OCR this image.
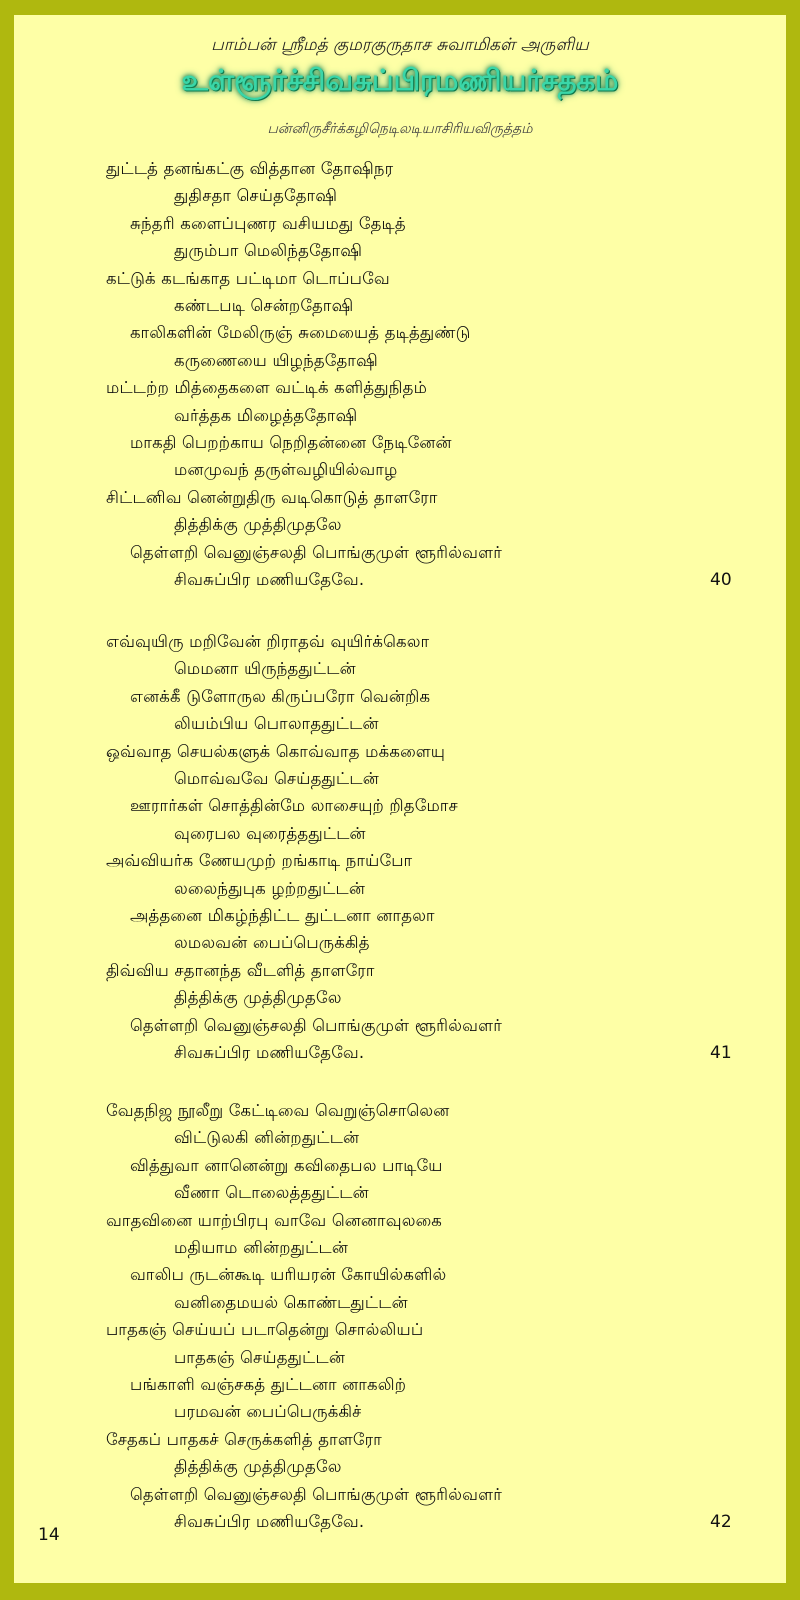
பாம்பன் ஸ்ரீமத் குமரகுருதாச சுவாமிகள் அருளிய
உள்ளூர்ச்சிவசுப்பிரமணியர்சதகம்
பன்னிருசீர்க்கழிநெடிலடியாசிரியவிருத்தம்
துட்டத் தனங்கட்கு வித்தான தோஷிநர
துதிசதா செய்ததோஷி
சுந்தரி களைப்புணர வசியமது தேடித்
துரும்பா மெலிந்ததோஷி
கட்டுக் கடங்காத பட்டிமா டொப்பவே
கண்டபடி சென்றதோஷி
காலிகளின் மேலிருஞ் சுமையைத் தடித்துண்டு
கருணையை யிழந்ததோஷி
மட்டற்ற மித்தைகளை வட்டிக் களித்துநிதம்
வர்த்தக மிழைத்ததோஷி
மாகதி பெறற்காய நெறிதன்னை நேடினேன்
மனமுவந் தருள்வழியில்வாழ
சிட்டனிவ னென்றுதிரு வடிகொடுத் தாளரோ
தித்திக்கு முத்திமுதலே
தெள்ளறி வெனுஞ்சலதி பொங்குமுள் ளூரில்வளர்
சிவசுப்பிர மணியதேவே.	40
எவ்வுயிரு மறிவேன் றிராதவ் வுயிர்க்கெலா
மெமனா யிருந்ததுட்டன்
எனக்கீ டுளோருல கிருப்பரோ வென்றிக
லியம்பிய பொலாததுட்டன்
ஒவ்வாத செயல்களுக் கொவ்வாத மக்களையு
மொவ்வவே செய்ததுட்டன்
ஊரார்கள் சொத்தின்மே லாசையுற் றிதமோச
வுரைபல வுரைத்ததுட்டன்
அவ்வியர்க ணேயமுற் றங்காடி நாய்போ
லலைந்துபுக ழற்றதுட்டன்
அத்தனை மிகழ்ந்திட்ட துட்டனா னாதலா
லமலவன் பைப்பெருக்கித்
திவ்விய சதானந்த வீடளித் தாளரோ
தித்திக்கு முத்திமுதலே
தெள்ளறி வெனுஞ்சலதி பொங்குமுள் ளூரில்வளர்
சிவசுப்பிர மணியதேவே.	41
வேதநிஜ நூலீறு கேட்டிவை வெறுஞ்சொலென
விட்டுலகி னின்றதுட்டன்
வித்துவா னானென்று கவிதைபல பாடியே
வீணா டொலைத்ததுட்டன்
வாதவினை யாற்பிரபு வாவே னெனாவுலகை
மதியாம னின்றதுட்டன்
வாலிப ருடன்கூடி யரியரன் கோயில்களில்
வனிதைமயல் கொண்டதுட்டன்
பாதகஞ் செய்யப் படாதென்று சொல்லியப்
பாதகஞ் செய்ததுட்டன்
பங்காளி வஞ்சகத் துட்டனா னாகலிற்
பரமவன் பைப்பெருக்கிச்
சேதகப் பாதகச் செருக்களித் தாளரோ
தித்திக்கு முத்திமுதலே
தெள்ளறி வெனுஞ்சலதி பொங்குமுள் ளூரில்வளர்
சிவசுப்பிர மணியதேவே.	42
14
